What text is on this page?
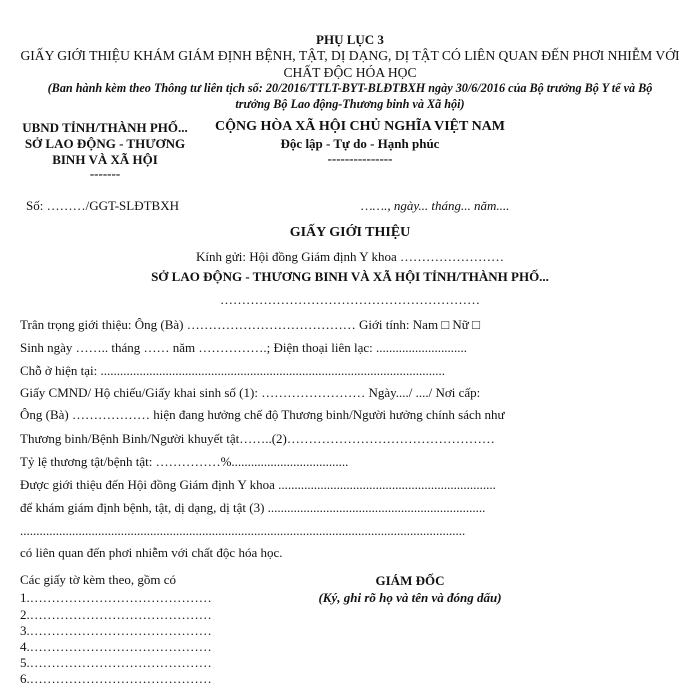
PHỤ LỤC 3
GIẤY GIỚI THIỆU KHÁM GIÁM ĐỊNH BỆNH, TẬT, DỊ DẠNG, DỊ TẬT CÓ LIÊN QUAN ĐẾN PHƠI NHIỄM VỚI
CHẤT ĐỘC HÓA HỌC
(Ban hành kèm theo Thông tư liên tịch số: 20/2016/TTLT-BYT-BLĐTBXH ngày 30/6/2016 của Bộ trưởng Bộ Y tế và Bộ
trưởng Bộ Lao động-Thương binh và Xã hội)
UBND TỈNH/THÀNH PHỐ...
SỞ LAO ĐỘNG - THƯƠNG
BINH VÀ XÃ HỘI
-------
CỘNG HÒA XÃ HỘI CHỦ NGHĨA VIỆT NAM
Độc lập - Tự do - Hạnh phúc
---------------
Số: ………/GGT-SLĐTBXH	……., ngày... tháng... năm....
GIẤY GIỚI THIỆU
Kính gửi: Hội đồng Giám định Y khoa ……………………
SỞ LAO ĐỘNG - THƯƠNG BINH VÀ XÃ HỘI TỈNH/THÀNH PHỐ...
……………………………………………………
Trân trọng giới thiệu: Ông (Bà) ………………………………… Giới tính: Nam □ Nữ □
Sinh ngày …….. tháng …… năm …………….; Điện thoại liên lạc: ............................
Chỗ ở hiện tại: ..........................................................................................................
Giấy CMND/ Hộ chiếu/Giấy khai sinh số (1): …………………… Ngày..../ ..../ Nơi cấp:
Ông (Bà) ……………… hiện đang hưởng chế độ Thương binh/Người hưởng chính sách như
Thương binh/Bệnh Binh/Người khuyết tật……..(2)…………………………………………
Tỷ lệ thương tật/bệnh tật: ……………%....................................
Được giới thiệu đến Hội đồng Giám định Y khoa ...................................................................
để khám giám định bệnh, tật, dị dạng, dị tật (3) ...................................................................
.........................................................................................................................................
có liên quan đến phơi nhiễm với chất độc hóa học.
Các giấy tờ kèm theo, gồm có
1.……………………………………
2.……………………………………
3.……………………………………
4.……………………………………
5.……………………………………
6.……………………………………
GIÁM ĐỐC
(Ký, ghi rõ họ và tên và đóng dấu)
